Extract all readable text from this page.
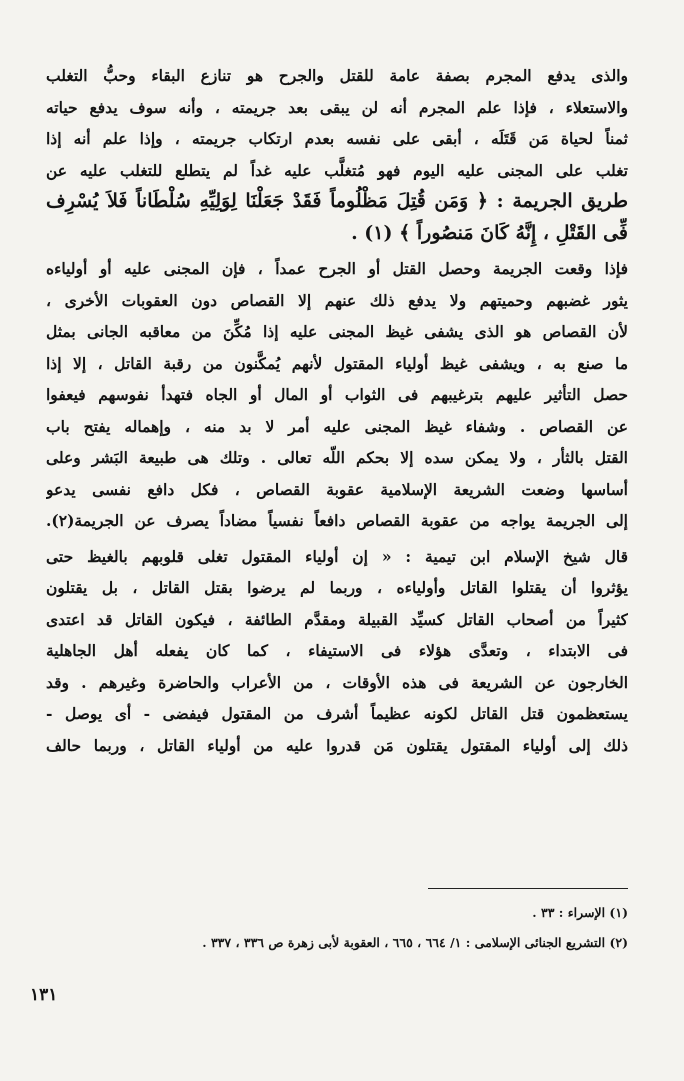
والذى يدفع المجرم بصفة عامة للقتل والجرح هو تنازع البقاء وحبُّ التغلب
والاستعلاء ، فإذا علم المجرم أنه لن يبقى بعد جريمته ، وأنه سوف يدفع حياته
ثمناً لحياة مَن قَتَلَه ، أبقى على نفسه بعدم ارتكاب جريمته ، وإذا علم أنه إذا
تغلب على المجنى عليه اليوم فهو مُتغلَّب عليه غداً لم يتطلع للتغلب عليه عن
طريق الجريمة : ﴿ وَمَن قُتِلَ مَظْلُوماً فَقَدْ جَعَلْنَا لِوَلِيِّهِ سُلْطَاناً فَلاَ يُسْرِف
فِّى القَتْلِ ، إِنَّهُ كَانَ مَنصُوراً ﴾ (١) .

فإذا وقعت الجريمة وحصل القتل أو الجرح عمداً ، فإن المجنى عليه أو أولياءه
يثور غضبهم وحميتهم ولا يدفع ذلك عنهم إلا القصاص دون العقوبات الأخرى ،
لأن القصاص هو الذى يشفى غيظ المجنى عليه إذا مُكِّنَ من معاقبه الجانى بمثل
ما صنع به ، ويشفى غيظ أولياء المقتول لأنهم يُمكَّنون من رقبة القاتل ، إلا إذا
حصل التأثير عليهم بترغيبهم فى الثواب أو المال أو الجاه فتهدأ نفوسهم فيعفوا
عن القصاص . وشفاء غيظ المجنى عليه أمر لا بد منه ، وإهماله يفتح باب
القتل بالثأر ، ولا يمكن سده إلا بحكم اللّه تعالى . وتلك هى طبيعة البَشر وعلى
أساسها وضعت الشريعة الإسلامية عقوبة القصاص ، فكل دافع نفسى يدعو
إلى الجريمة يواجه من عقوبة القصاص دافعاً نفسياً مضاداً يصرف عن الجريمة(٢).

قال شيخ الإسلام ابن تيمية : « إن أولياء المقتول تغلى قلوبهم بالغيظ حتى
يؤثروا أن يقتلوا القاتل وأولياءه ، وربما لم يرضوا بقتل القاتل ، بل يقتلون
كثيراً من أصحاب القاتل كسيِّد القبيلة ومقدَّم الطائفة ، فيكون القاتل قد اعتدى
فى الابتداء ، وتعدَّى هؤلاء فى الاستيفاء ، كما كان يفعله أهل الجاهلية
الخارجون عن الشريعة فى هذه الأوقات ، من الأعراب والحاضرة وغيرهم . وقد
يستعظمون قتل القاتل لكونه عظيماً أشرف من المقتول فيفضى - أى يوصل -
ذلك إلى أولياء المقتول يقتلون مَن قدروا عليه من أولياء القاتل ، وربما حالف

(١) الإسراء : ٣٣ .
(٢) التشريع الجنائى الإسلامى : ١/ ٦٦٤ ، ٦٦٥ ، العقوبة لأبى زهرة ص ٣٣٦ ، ٣٣٧ .
١٣١
